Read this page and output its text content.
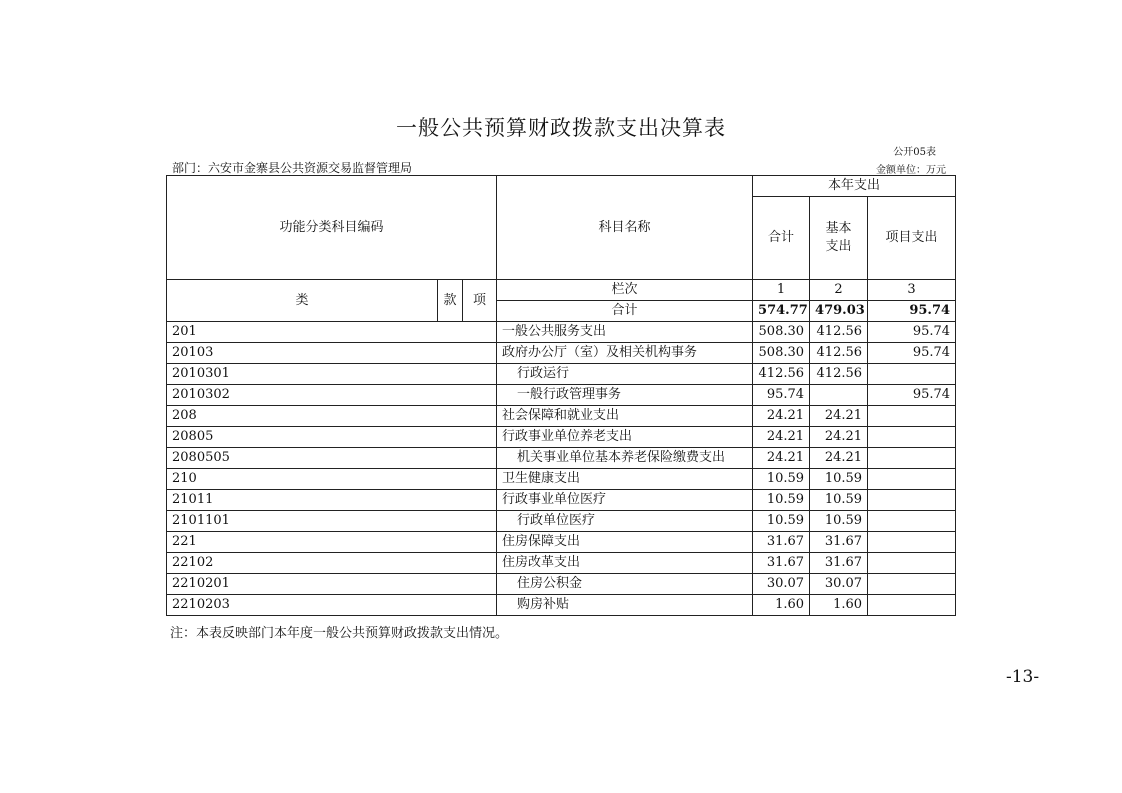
一般公共预算财政拨款支出决算表
公开05表
部门：六安市金寨县公共资源交易监督管理局	金额单位：万元
功能分类科目编码			科目名称	本年支出		
				合计	基本支出	项目支出
类	款	项	栏次	1	2	3
			合计	574.77	479.03	95.74
201			一般公共服务支出	508.30	412.56	95.74
20103			政府办公厅（室）及相关机构事务	508.30	412.56	95.74
2010301			行政运行	412.56	412.56	
2010302			一般行政管理事务	95.74		95.74
208			社会保障和就业支出	24.21	24.21	
20805			行政事业单位养老支出	24.21	24.21	
2080505			机关事业单位基本养老保险缴费支出	24.21	24.21	
210			卫生健康支出	10.59	10.59	
21011			行政事业单位医疗	10.59	10.59	
2101101			行政单位医疗	10.59	10.59	
221			住房保障支出	31.67	31.67	
22102			住房改革支出	31.67	31.67	
2210201			住房公积金	30.07	30.07	
2210203			购房补贴	1.60	1.60	
注：本表反映部门本年度一般公共预算财政拨款支出情况。
-13-
